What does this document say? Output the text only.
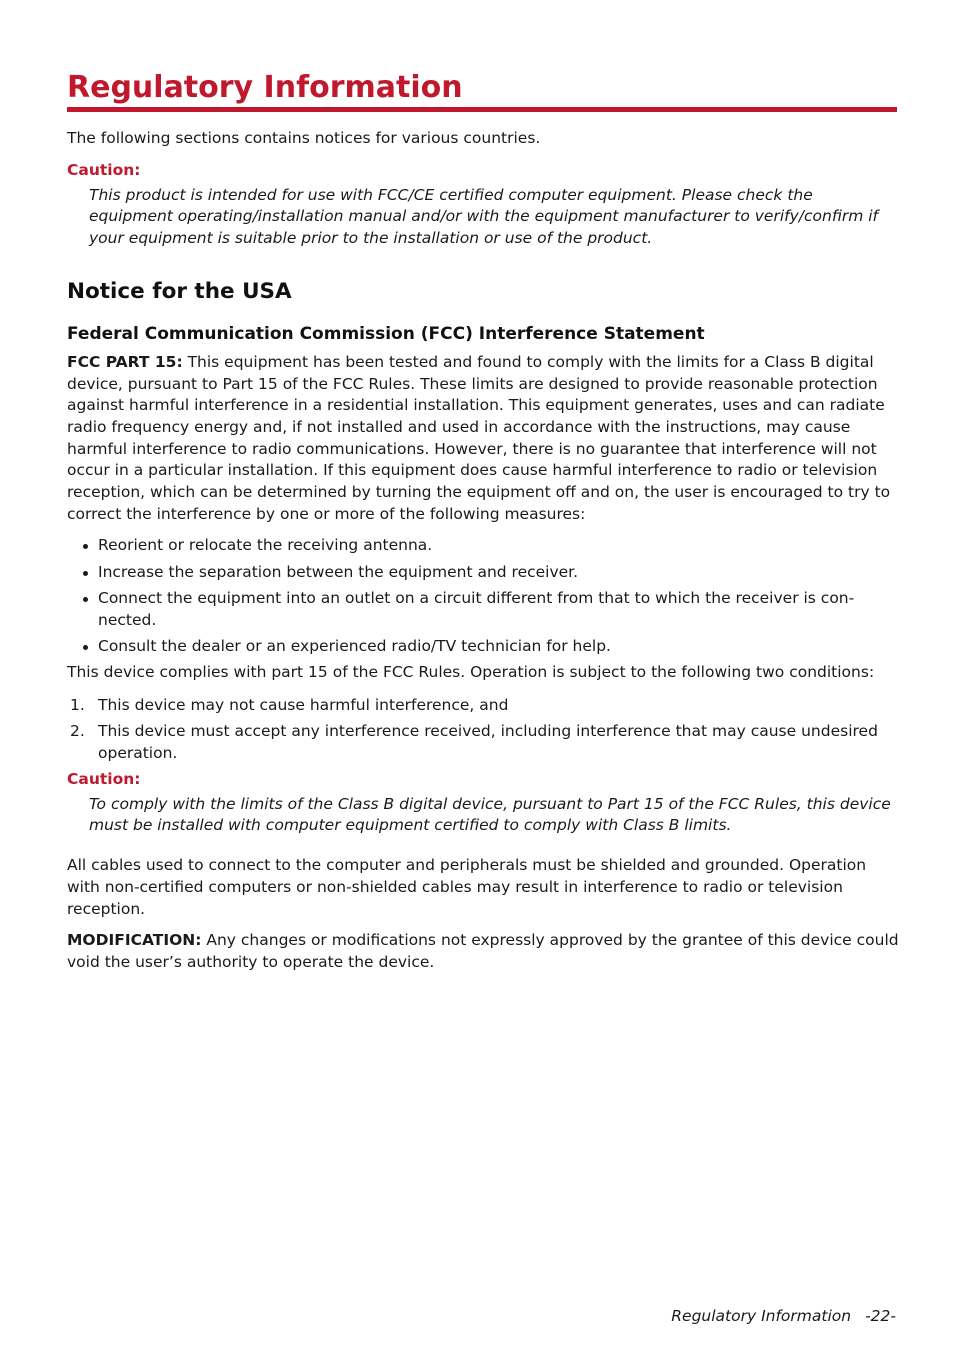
Regulatory Information

The following sections contains notices for various countries.

Caution:

This product is intended for use with FCC/CE certified computer equipment. Please check the equipment operating/installation manual and/or with the equipment manufacturer to verify/confirm if your equipment is suitable prior to the installation or use of the product.

Notice for the USA
Federal Communication Commission (FCC) Interference Statement

FCC PART 15: This equipment has been tested and found to comply with the limits for a Class B digital device, pursuant to Part 15 of the FCC Rules. These limits are designed to provide reasonable protection against harmful interference in a residential installation. This equipment generates, uses and can radiate radio frequency energy and, if not installed and used in accordance with the instructions, may cause harmful interference to radio communications. However, there is no guarantee that interference will not occur in a particular installation. If this equipment does cause harmful interference to radio or television reception, which can be determined by turning the equipment off and on, the user is encouraged to try to correct the interference by one or more of the following measures:

Reorient or relocate the receiving antenna.
Increase the separation between the equipment and receiver.
Connect the equipment into an outlet on a circuit different from that to which the receiver is con-nected.
Consult the dealer or an experienced radio/TV technician for help.

This device complies with part 15 of the FCC Rules. Operation is subject to the following two conditions:

1. This device may not cause harmful interference, and
2. This device must accept any interference received, including interference that may cause undesired operation.
Caution:

To comply with the limits of the Class B digital device, pursuant to Part 15 of the FCC Rules, this device must be installed with computer equipment certified to comply with Class B limits.

All cables used to connect to the computer and peripherals must be shielded and grounded. Operation with non-certified computers or non-shielded cables may result in interference to radio or television reception.

MODIFICATION: Any changes or modifications not expressly approved by the grantee of this device could void the user’s authority to operate the device.

Regulatory Information -22-
